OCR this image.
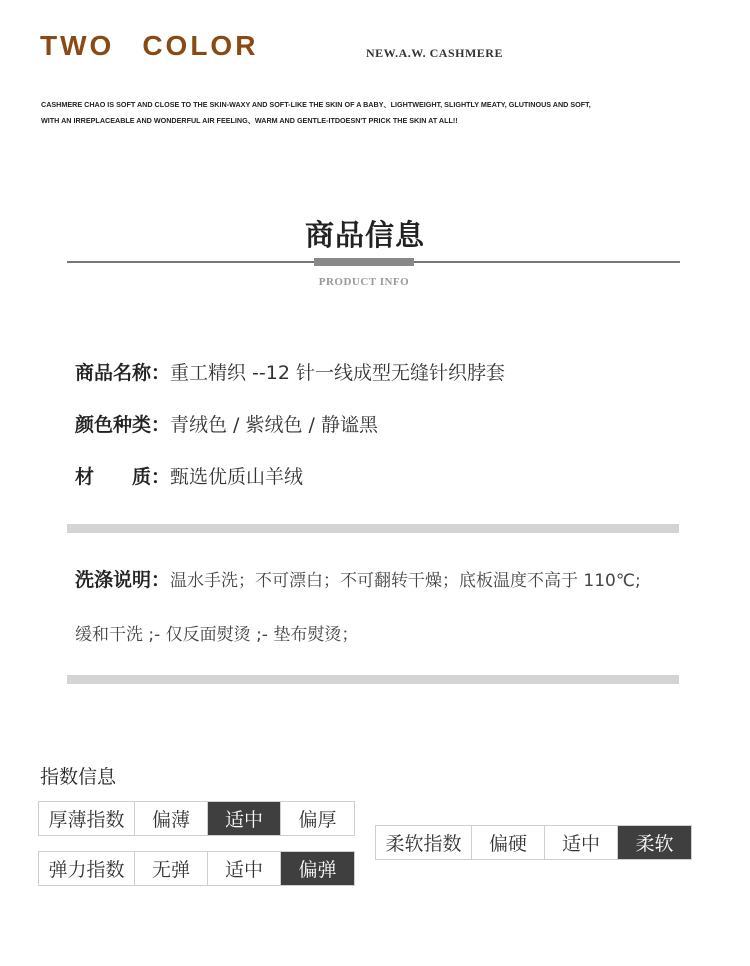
TWO COLOR	NEW.A.W. CASHMERE
CASHMERE CHAO IS SOFT AND CLOSE TO THE SKIN-WAXY AND SOFT-LIKE THE SKIN OF A BABY、LIGHTWEIGHT, SLIGHTLY MEATY, GLUTINOUS AND SOFT,
WITH AN IRREPLACEABLE AND WONDERFUL AIR FEELING、WARM AND GENTLE-ITDOESN'T PRICK THE SKIN AT ALL!!
商品信息
PRODUCT INFO
商品名称：重工精织 --12 针一线成型无缝针织脖套
颜色种类：青绒色 / 紫绒色 / 静谧黑
材　　质：甄选优质山羊绒
洗涤说明：温水手洗；不可漂白；不可翻转干燥；底板温度不高于 110℃;
缓和干洗 ;- 仅反面熨烫 ;- 垫布熨烫；
指数信息
厚薄指数	偏薄	适中	偏厚
弹力指数	无弹	适中	偏弹
柔软指数	偏硬	适中	柔软
